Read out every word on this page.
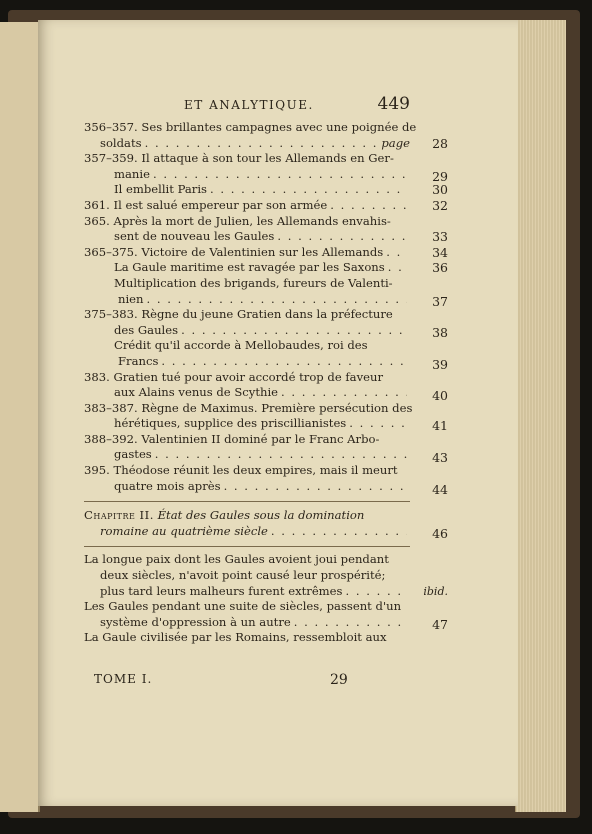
ET ANALYTIQUE.	449
356–357. Ses brillantes campagnes avec une poignée de
soldats . . .	page	28
357–359. Il attaque à son tour les Allemands en Ger-
manie . . .	29
Il embellit Paris . . .	30
361. Il est salué empereur par son armée . . .	32
365. Après la mort de Julien, les Allemands envahis-
sent de nouveau les Gaules . . .	33
365–375. Victoire de Valentinien sur les Allemands . . .	34
La Gaule maritime est ravagée par les Saxons . . .	36
Multiplication des brigands, fureurs de Valenti-
nien . . .	37
375–383. Règne du jeune Gratien dans la préfecture
des Gaules . . .	38
Crédit qu'il accorde à Mellobaudes, roi des
Francs . . .	39
383. Gratien tué pour avoir accordé trop de faveur
aux Alains venus de Scythie . . .	40
383–387. Règne de Maximus. Première persécution des
hérétiques, supplice des priscillianistes . . .	41
388–392. Valentinien II dominé par le Franc Arbo-
gastes . . .	43
395. Théodose réunit les deux empires, mais il meurt
quatre mois après . . .	44
Chapitre II.
État des Gaules sous la domination
romaine au quatrième siècle . . .	46
La longue paix dont les Gaules avoient joui pendant
deux siècles, n'avoit point causé leur prospérité;
plus tard leurs malheurs furent extrêmes . . .	ibid.
Les Gaules pendant une suite de siècles, passent d'un
système d'oppression à un autre . . .	47
La Gaule civilisée par les Romains, ressembloit aux
TOME I.	29
